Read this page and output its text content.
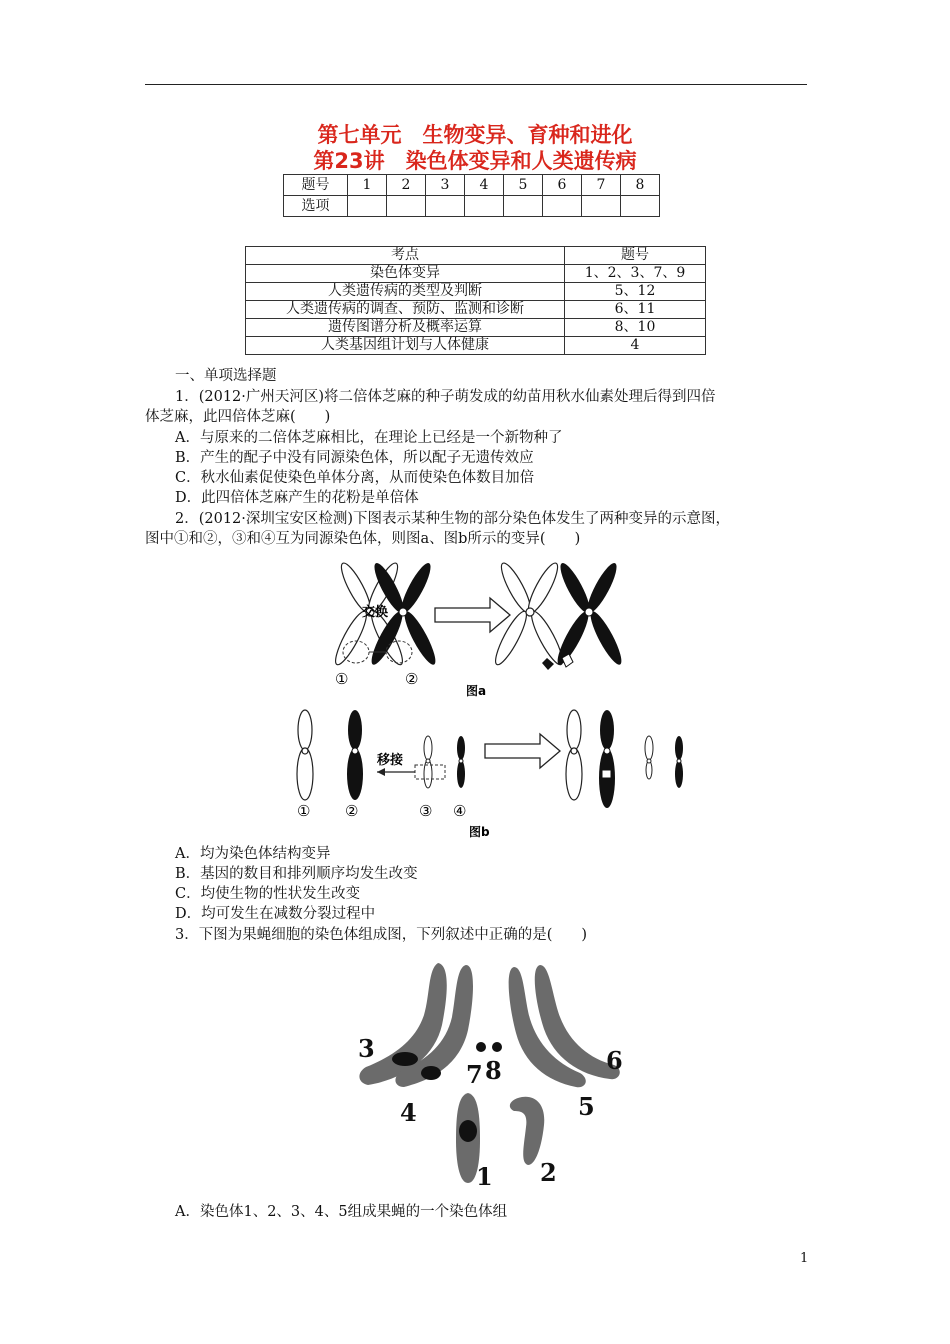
第七单元　生物变异、育种和进化
第23讲　染色体变异和人类遗传病
题号	1	2	3	4	5	6	7	8
选项								
考点	题号
染色体变异	1、2、3、7、9
人类遗传病的类型及判断	5、12
人类遗传病的调查、预防、监测和诊断	6、11
遗传图谱分析及概率运算	8、10
人类基因组计划与人体健康	4
一、单项选择题
1．(2012·广州天河区)将二倍体芝麻的种子萌发成的幼苗用秋水仙素处理后得到四倍
体芝麻，此四倍体芝麻(　　)
A．与原来的二倍体芝麻相比，在理论上已经是一个新物种了
B．产生的配子中没有同源染色体，所以配子无遗传效应
C．秋水仙素促使染色单体分离，从而使染色体数目加倍
D．此四倍体芝麻产生的花粉是单倍体
2．(2012·深圳宝安区检测)下图表示某种生物的部分染色体发生了两种变异的示意图，
图中①和②，③和④互为同源染色体，则图a、图b所示的变异(　　)
交换
①	②
图a
移接
① ②	③ ④
图b
A．均为染色体结构变异
B．基因的数目和排列顺序均发生改变
C．均使生物的性状发生改变
D．均可发生在减数分裂过程中
3．下图为果蝇细胞的染色体组成图，下列叙述中正确的是(　　)
3
7 8	6
4	5
1 2
A．染色体1、2、3、4、5组成果蝇的一个染色体组
1
